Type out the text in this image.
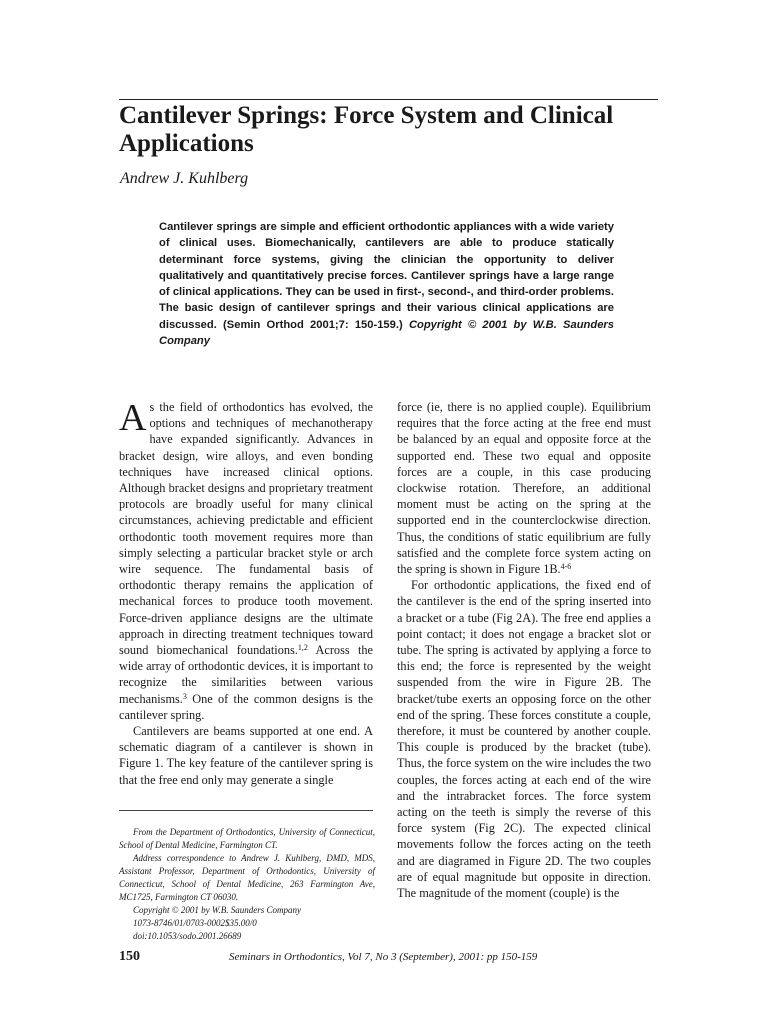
Cantilever Springs: Force System and Clinical Applications
Andrew J. Kuhlberg

Cantilever springs are simple and efficient orthodontic appliances with a wide variety of clinical uses. Biomechanically, cantilevers are able to produce statically determinant force systems, giving the clinician the opportunity to deliver qualitatively and quantitatively precise forces. Cantilever springs have a large range of clinical applications. They can be used in first-, second-, and third-order problems. The basic design of cantilever springs and their various clinical applications are discussed. (Semin Orthod 2001;7: 150-159.) Copyright © 2001 by W.B. Saunders Company

As the field of orthodontics has evolved, the options and techniques of mechanotherapy have expanded significantly. Advances in bracket design, wire alloys, and even bonding techniques have increased clinical options. Although bracket designs and proprietary treatment protocols are broadly useful for many clinical circumstances, achieving predictable and efficient orthodontic tooth movement requires more than simply selecting a particular bracket style or arch wire sequence. The fundamental basis of orthodontic therapy remains the application of mechanical forces to produce tooth movement. Force-driven appliance designs are the ultimate approach in directing treatment techniques toward sound biomechanical foundations.$^{1,2}$ Across the wide array of orthodontic devices, it is important to recognize the similarities between various mechanisms.$^3$ One of the common designs is the cantilever spring.

Cantilevers are beams supported at one end. A schematic diagram of a cantilever is shown in Figure 1. The key feature of the cantilever spring is that the free end only may generate a single

force (ie, there is no applied couple). Equilibrium requires that the force acting at the free end must be balanced by an equal and opposite force at the supported end. These two equal and opposite forces are a couple, in this case producing clockwise rotation. Therefore, an additional moment must be acting on the spring at the supported end in the counterclockwise direction. Thus, the conditions of static equilibrium are fully satisfied and the complete force system acting on the spring is shown in Figure 1B.$^{4-6}$

For orthodontic applications, the fixed end of the cantilever is the end of the spring inserted into a bracket or a tube (Fig 2A). The free end applies a point contact; it does not engage a bracket slot or tube. The spring is activated by applying a force to this end; the force is represented by the weight suspended from the wire in Figure 2B. The bracket/tube exerts an opposing force on the other end of the spring. These forces constitute a couple, therefore, it must be countered by another couple. This couple is produced by the bracket (tube). Thus, the force system on the wire includes the two couples, the forces acting at each end of the wire and the intrabracket forces. The force system acting on the teeth is simply the reverse of this force system (Fig 2C). The expected clinical movements follow the forces acting on the teeth and are diagramed in Figure 2D. The two couples are of equal magnitude but opposite in direction. The magnitude of the moment (couple) is the

From the Department of Orthodontics, University of Connecticut, School of Dental Medicine, Farmington CT.

Address correspondence to Andrew J. Kuhlberg, DMD, MDS, Assistant Professor, Department of Orthodontics, University of Connecticut, School of Dental Medicine, 263 Farmington Ave, MC1725, Farmington CT 06030.

Copyright © 2001 by W.B. Saunders Company
1073-8746/01/0703-0002$35.00/0
doi:10.1053/sodo.2001.26689
150	Seminars in Orthodontics, Vol 7, No 3 (September), 2001: pp 150-159
